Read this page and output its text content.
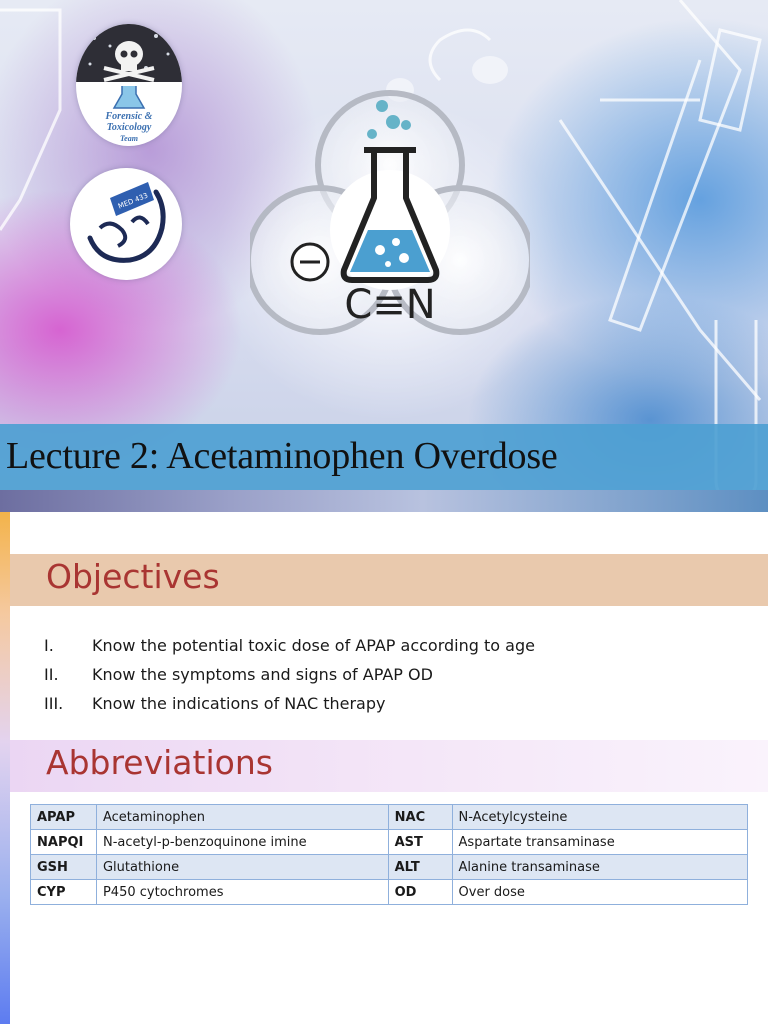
Forensic &
Toxicology
Team
MED 433
C≡N
Lecture 2: Acetaminophen Overdose
Objectives
I. Know the potential toxic dose of APAP according to age
II. Know the symptoms and signs of APAP OD
III. Know the indications of NAC therapy
Abbreviations
APAP	Acetaminophen	NAC	N-Acetylcysteine
NAPQI	N-acetyl-p-benzoquinone imine	AST	Aspartate transaminase
GSH	Glutathione	ALT	Alanine transaminase
CYP	P450 cytochromes	OD	Over dose
